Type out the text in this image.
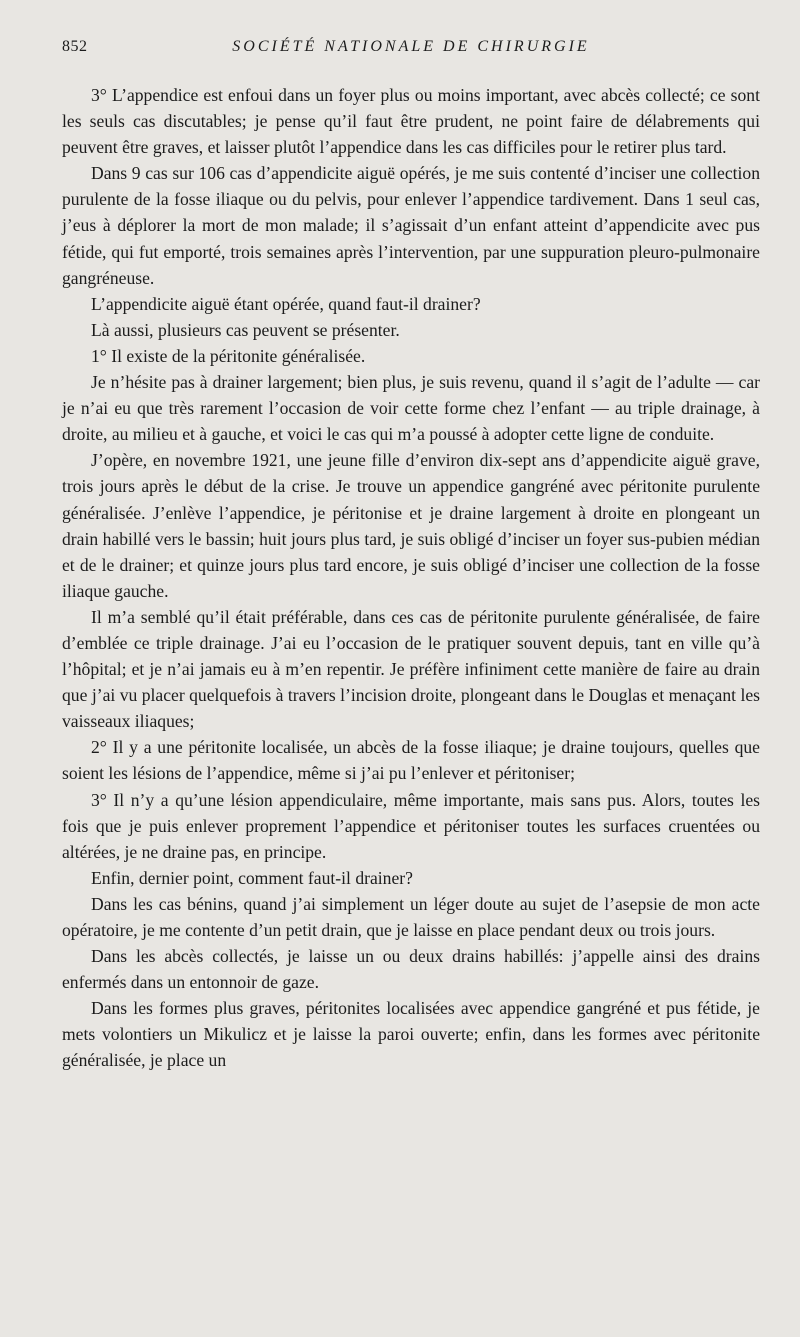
852	SOCIÉTÉ NATIONALE DE CHIRURGIE

3° L’appendice est enfoui dans un foyer plus ou moins important, avec abcès collecté; ce sont les seuls cas discutables; je pense qu’il faut être prudent, ne point faire de délabrements qui peuvent être graves, et laisser plutôt l’appendice dans les cas difficiles pour le retirer plus tard.

Dans 9 cas sur 106 cas d’appendicite aiguë opérés, je me suis contenté d’inciser une collection purulente de la fosse iliaque ou du pelvis, pour enlever l’appendice tardivement. Dans 1 seul cas, j’eus à déplorer la mort de mon malade; il s’agissait d’un enfant atteint d’appendicite avec pus fétide, qui fut emporté, trois semaines après l’intervention, par une suppuration pleuro-pulmonaire gangréneuse.

L’appendicite aiguë étant opérée, quand faut-il drainer?

Là aussi, plusieurs cas peuvent se présenter.

1° Il existe de la péritonite généralisée.

Je n’hésite pas à drainer largement; bien plus, je suis revenu, quand il s’agit de l’adulte — car je n’ai eu que très rarement l’occasion de voir cette forme chez l’enfant — au triple drainage, à droite, au milieu et à gauche, et voici le cas qui m’a poussé à adopter cette ligne de conduite.

J’opère, en novembre 1921, une jeune fille d’environ dix-sept ans d’appendicite aiguë grave, trois jours après le début de la crise. Je trouve un appendice gangréné avec péritonite purulente généralisée. J’enlève l’appendice, je péritonise et je draine largement à droite en plongeant un drain habillé vers le bassin; huit jours plus tard, je suis obligé d’inciser un foyer sus-pubien médian et de le drainer; et quinze jours plus tard encore, je suis obligé d’inciser une collection de la fosse iliaque gauche.

Il m’a semblé qu’il était préférable, dans ces cas de péritonite purulente généralisée, de faire d’emblée ce triple drainage. J’ai eu l’occasion de le pratiquer souvent depuis, tant en ville qu’à l’hôpital; et je n’ai jamais eu à m’en repentir. Je préfère infiniment cette manière de faire au drain que j’ai vu placer quelquefois à travers l’incision droite, plongeant dans le Douglas et menaçant les vaisseaux iliaques;

2° Il y a une péritonite localisée, un abcès de la fosse iliaque; je draine toujours, quelles que soient les lésions de l’appendice, même si j’ai pu l’enlever et péritoniser;

3° Il n’y a qu’une lésion appendiculaire, même importante, mais sans pus. Alors, toutes les fois que je puis enlever proprement l’appendice et péritoniser toutes les surfaces cruentées ou altérées, je ne draine pas, en principe.

Enfin, dernier point, comment faut-il drainer?

Dans les cas bénins, quand j’ai simplement un léger doute au sujet de l’asepsie de mon acte opératoire, je me contente d’un petit drain, que je laisse en place pendant deux ou trois jours.

Dans les abcès collectés, je laisse un ou deux drains habillés: j’appelle ainsi des drains enfermés dans un entonnoir de gaze.

Dans les formes plus graves, péritonites localisées avec appendice gangréné et pus fétide, je mets volontiers un Mikulicz et je laisse la paroi ouverte; enfin, dans les formes avec péritonite généralisée, je place un
